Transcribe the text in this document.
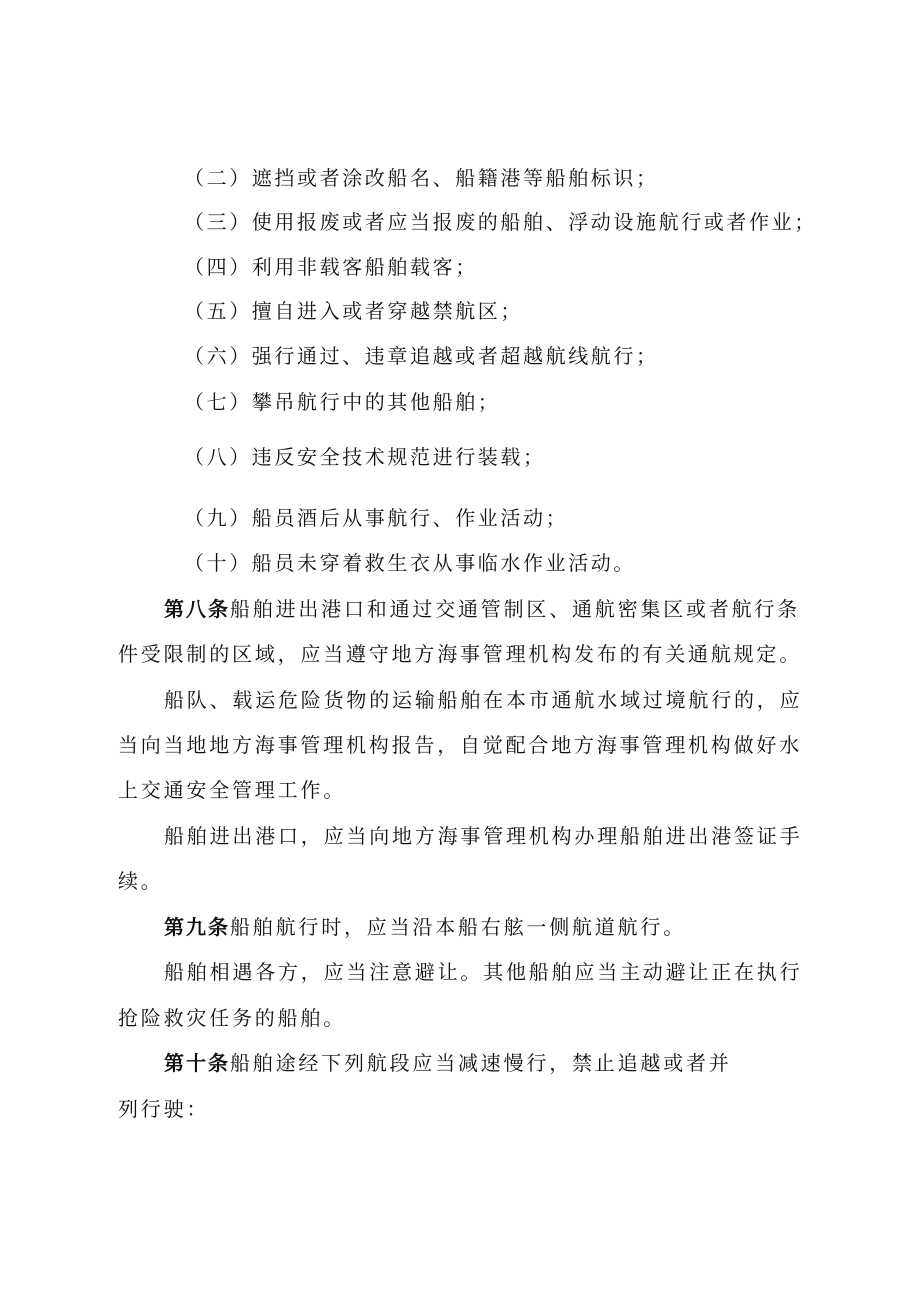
（二）遮挡或者涂改船名、船籍港等船舶标识；
（三）使用报废或者应当报废的船舶、浮动设施航行或者作业；
（四）利用非载客船舶载客；
（五）擅自进入或者穿越禁航区；
（六）强行通过、违章追越或者超越航线航行；
（七）攀吊航行中的其他船舶；
（八）违反安全技术规范进行装载；
（九）船员酒后从事航行、作业活动；
（十）船员未穿着救生衣从事临水作业活动。
第八条船舶进出港口和通过交通管制区、通航密集区或者航行条
件受限制的区域，应当遵守地方海事管理机构发布的有关通航规定。
船队、载运危险货物的运输船舶在本市通航水域过境航行的，应
当向当地地方海事管理机构报告，自觉配合地方海事管理机构做好水
上交通安全管理工作。
船舶进出港口，应当向地方海事管理机构办理船舶进出港签证手
续。
第九条船舶航行时，应当沿本船右舷一侧航道航行。
船舶相遇各方，应当注意避让。其他船舶应当主动避让正在执行
抢险救灾任务的船舶。
第十条船舶途经下列航段应当减速慢行，禁止追越或者并
列行驶：
